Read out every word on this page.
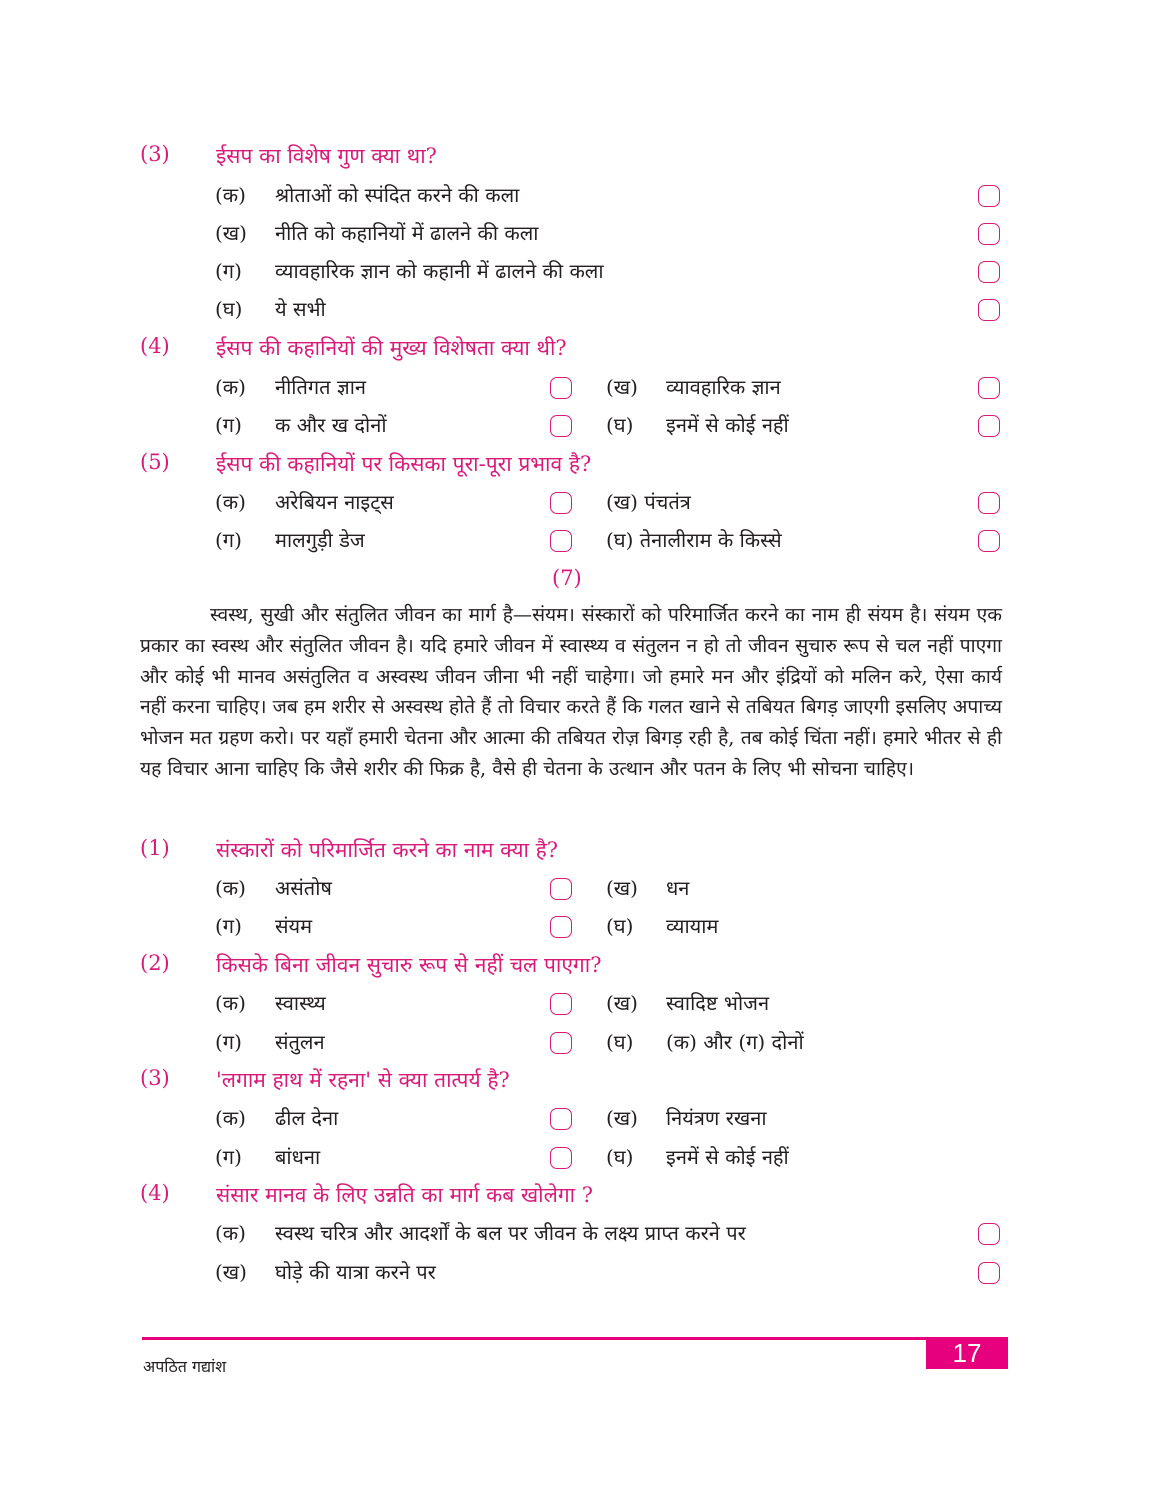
(3)	ईसप का विशेष गुण क्या था?
(क) श्रोताओं को स्पंदित करने की कला
(ख) नीति को कहानियों में ढालने की कला
(ग) व्यावहारिक ज्ञान को कहानी में ढालने की कला
(घ) ये सभी
(4)	ईसप की कहानियों की मुख्य विशेषता क्या थी?
(क) नीतिगत ज्ञान	(ख) व्यावहारिक ज्ञान
(ग) क और ख दोनों	(घ) इनमें से कोई नहीं
(5)	ईसप की कहानियों पर किसका पूरा-पूरा प्रभाव है?
(क) अरेबियन नाइट्स	(ख) पंचतंत्र
(ग) मालगुड़ी डेज	(घ) तेनालीराम के किस्से
(7)

स्वस्थ, सुखी और संतुलित जीवन का मार्ग है—संयम। संस्कारों को परिमार्जित करने का नाम ही संयम है। संयम एक प्रकार का स्वस्थ और संतुलित जीवन है। यदि हमारे जीवन में स्वास्थ्य व संतुलन न हो तो जीवन सुचारु रूप से चल नहीं पाएगा और कोई भी मानव असंतुलित व अस्वस्थ जीवन जीना भी नहीं चाहेगा। जो हमारे मन और इंद्रियों को मलिन करे, ऐसा कार्य नहीं करना चाहिए। जब हम शरीर से अस्वस्थ होते हैं तो विचार करते हैं कि गलत खाने से तबियत बिगड़ जाएगी इसलिए अपाच्य भोजन मत ग्रहण करो। पर यहाँ हमारी चेतना और आत्मा की तबियत रोज़ बिगड़ रही है, तब कोई चिंता नहीं। हमारे भीतर से ही यह विचार आना चाहिए कि जैसे शरीर की फिक्र है, वैसे ही चेतना के उत्थान और पतन के लिए भी सोचना चाहिए।

(1)	संस्कारों को परिमार्जित करने का नाम क्या है?
(क) असंतोष	(ख) धन
(ग) संयम	(घ) व्यायाम
(2)	किसके बिना जीवन सुचारु रूप से नहीं चल पाएगा?
(क) स्वास्थ्य	(ख) स्वादिष्ट भोजन
(ग) संतुलन	(घ) (क) और (ग) दोनों
(3)	'लगाम हाथ में रहना' से क्या तात्पर्य है?
(क) ढील देना	(ख) नियंत्रण रखना
(ग) बांधना	(घ) इनमें से कोई नहीं
(4)	संसार मानव के लिए उन्नति का मार्ग कब खोलेगा ?
(क) स्वस्थ चरित्र और आदर्शों के बल पर जीवन के लक्ष्य प्राप्त करने पर
(ख) घोड़े की यात्रा करने पर
17
अपठित गद्यांश
